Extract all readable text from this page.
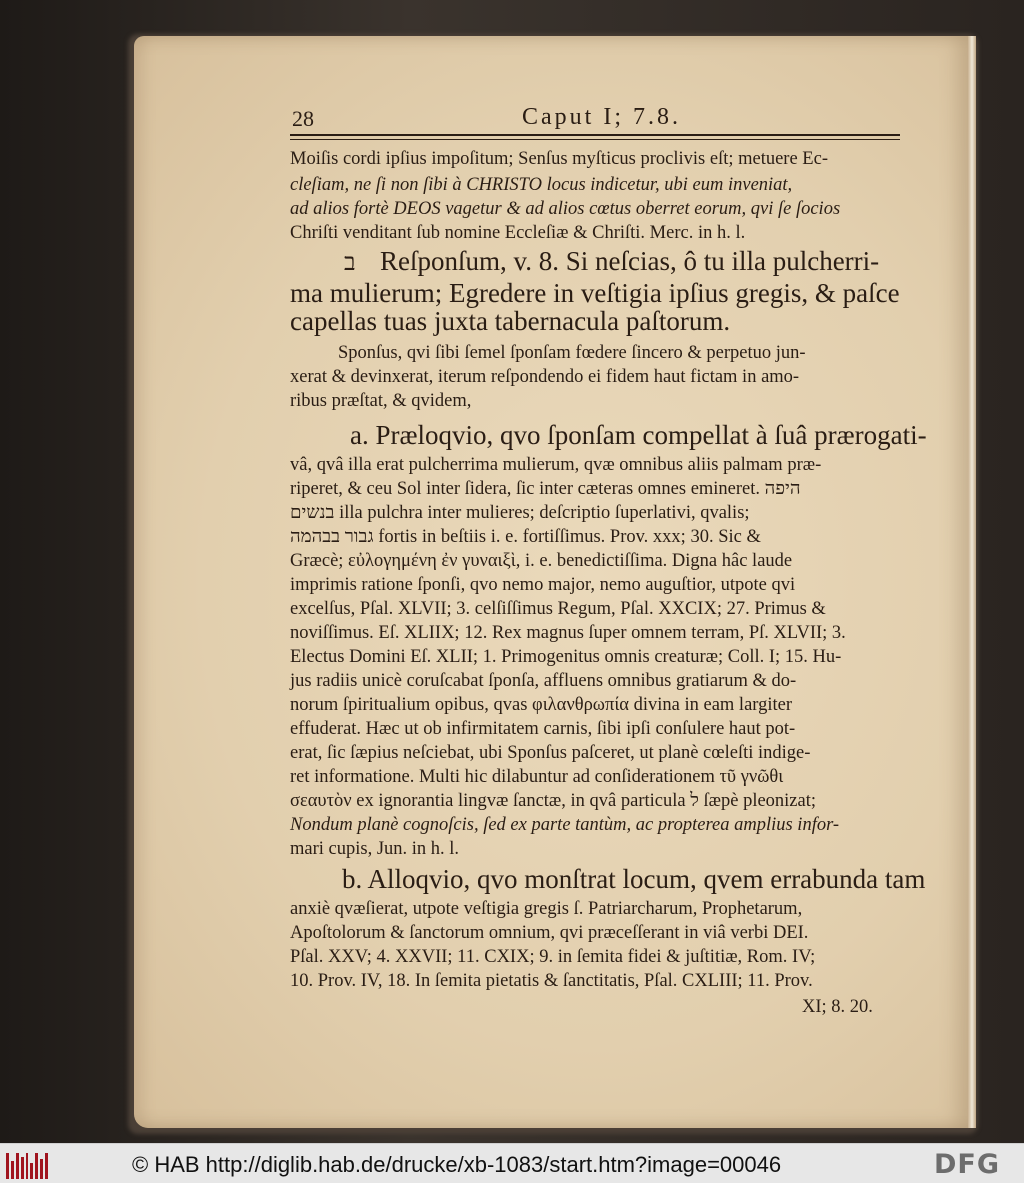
28	Caput I; 7.8.
ב
Moiſis cordi ipſius impoſitum; Senſus myſticus proclivis eſt; metuere Ec-
cleſiam, ne ſi non ſibi à CHRISTO locus indicetur, ubi eum inveniat,
ad alios fortè DEOS vagetur & ad alios cœtus oberret eorum, qvi ſe ſocios
Chriſti venditant ſub nomine Eccleſiæ & Chriſti. Merc. in h. l.
Reſponſum, v. 8. Si neſcias, ô tu illa pulcherri-
ma mulierum; Egredere in veſtigia ipſius gregis, & paſce
capellas tuas juxta tabernacula paſtorum.
Sponſus, qvi ſibi ſemel ſponſam fœdere ſincero & perpetuo jun-
xerat & devinxerat, iterum reſpondendo ei fidem haut fictam in amo-
ribus præſtat, & qvidem,
a. Præloqvio, qvo ſponſam compellat à ſuâ prærogati-
vâ, qvâ illa erat pulcherrima mulierum, qvæ omnibus aliis palmam præ-
riperet, & ceu Sol inter ſidera, ſic inter cæteras omnes emineret. היפה
בנשים illa pulchra inter mulieres; deſcriptio ſuperlativi, qvalis;
גבור בבהמה fortis in beſtiis i. e. fortiſſimus. Prov. xxx; 30. Sic &
Græcè; εὐλογημένη ἐν γυναιξὶ, i. e. benedictiſſima. Digna hâc laude
imprimis ratione ſponſi, qvo nemo major, nemo auguſtior, utpote qvi
excelſus, Pſal. XLVII; 3. celſiſſimus Regum, Pſal. XXCIX; 27. Primus &
noviſſimus. Eſ. XLIIX; 12. Rex magnus ſuper omnem terram, Pſ. XLVII; 3.
Electus Domini Eſ. XLII; 1. Primogenitus omnis creaturæ; Coll. I; 15. Hu-
jus radiis unicè coruſcabat ſponſa, affluens omnibus gratiarum & do-
norum ſpiritualium opibus, qvas φιλανθρωπία divina in eam largiter
effuderat. Hæc ut ob infirmitatem carnis, ſibi ipſi conſulere haut pot-
erat, ſic ſæpius neſciebat, ubi Sponſus paſceret, ut planè cœleſti indige-
ret informatione. Multi hic dilabuntur ad conſiderationem τῦ γνῶθι
σεαυτὸν ex ignorantia lingvæ ſanctæ, in qvâ particula ל ſæpè pleonizat;
Nondum planè cognoſcis, ſed ex parte tantùm, ac propterea amplius infor-
mari cupis, Jun. in h. l.
b. Alloqvio, qvo monſtrat locum, qvem errabunda tam
anxiè qvæſierat, utpote veſtigia gregis ſ. Patriarcharum, Prophetarum,
Apoſtolorum & ſanctorum omnium, qvi præceſſerant in viâ verbi DEI.
Pſal. XXV; 4. XXVII; 11. CXIX; 9. in ſemita fidei & juſtitiæ, Rom. IV;
10. Prov. IV, 18. In ſemita pietatis & ſanctitatis, Pſal. CXLIII; 11. Prov.
XI; 8. 20.
© HAB http://diglib.hab.de/drucke/xb-1083/start.htm?image=00046	DFG
